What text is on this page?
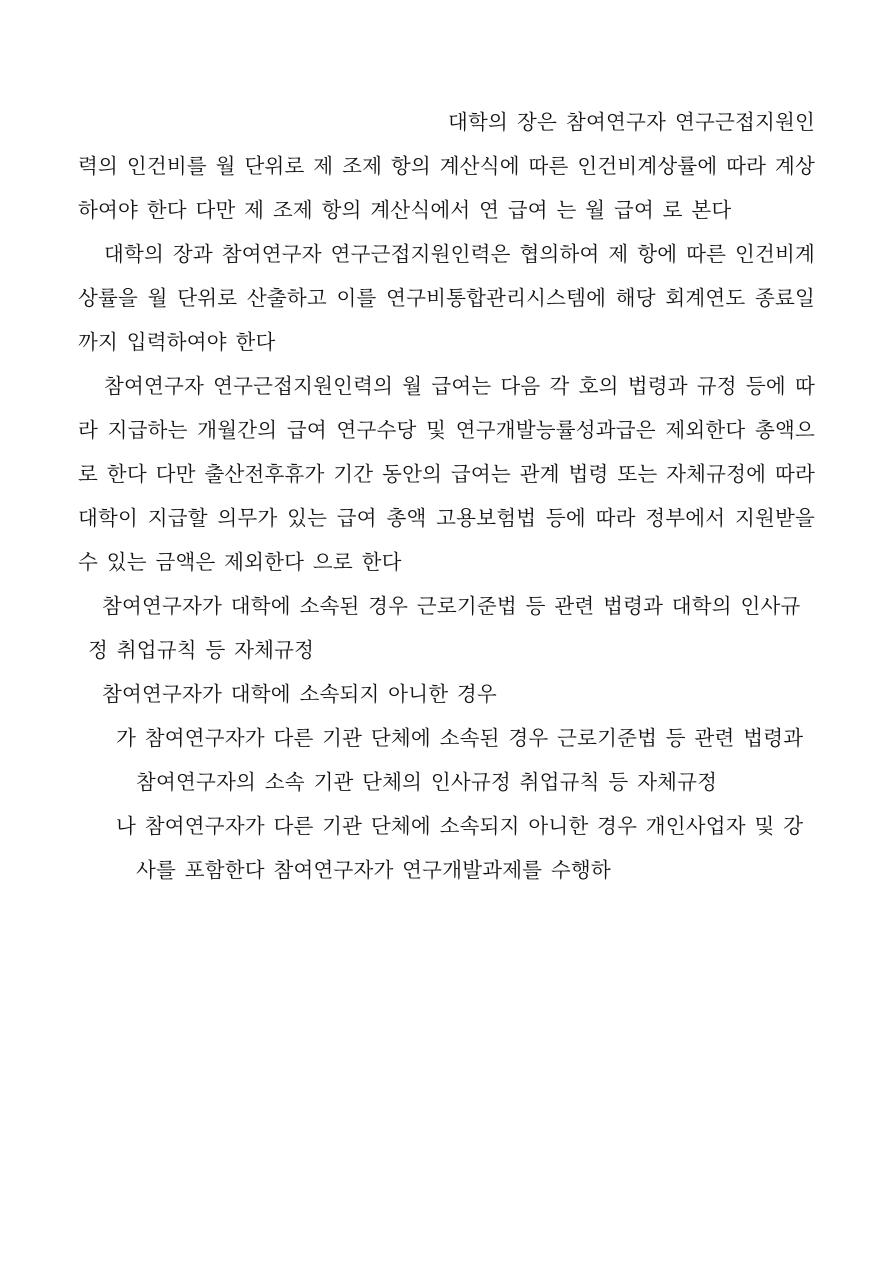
대학의 장은 참여연구자 연구근접지원인력의 인건비를 월 단위로 제 조제 항의 계산식에 따른 인건비계상률에 따라 계상하여야 한다 다만 제 조제 항의 계산식에서 연 급여 는 월 급여 로 본다

대학의 장과 참여연구자 연구근접지원인력은 협의하여 제 항에 따른 인건비계상률을 월 단위로 산출하고 이를 연구비통합관리시스템에 해당 회계연도 종료일까지 입력하여야 한다

참여연구자 연구근접지원인력의 월 급여는 다음 각 호의 법령과 규정 등에 따라 지급하는 개월간의 급여 연구수당 및 연구개발능률성과급은 제외한다 총액으로 한다 다만 출산전후휴가 기간 동안의 급여는 관계 법령 또는 자체규정에 따라 대학이 지급할 의무가 있는 급여 총액 고용보험법 등에 따라 정부에서 지원받을 수 있는 금액은 제외한다 으로 한다

참여연구자가 대학에 소속된 경우 근로기준법 등 관련 법령과 대학의 인사규정 취업규칙 등 자체규정

참여연구자가 대학에 소속되지 아니한 경우

가 참여연구자가 다른 기관 단체에 소속된 경우 근로기준법 등 관련 법령과 참여연구자의 소속 기관 단체의 인사규정 취업규칙 등 자체규정

나 참여연구자가 다른 기관 단체에 소속되지 아니한 경우 개인사업자 및 강사를 포함한다 참여연구자가 연구개발과제를 수행하
